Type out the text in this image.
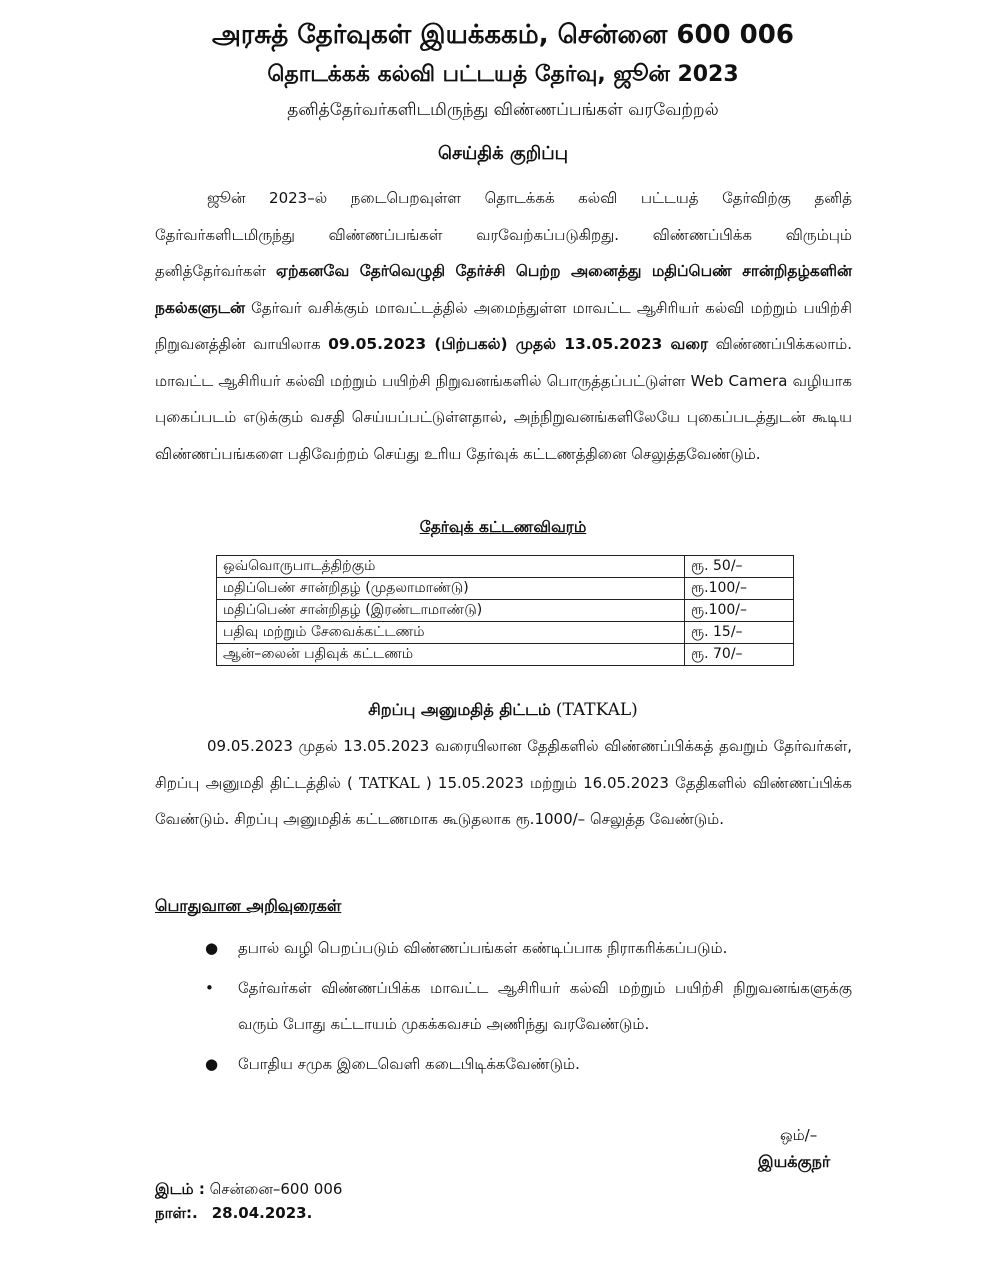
அரசுத் தேர்வுகள் இயக்ககம், சென்னை 600 006
தொடக்கக் கல்வி பட்டயத் தேர்வு, ஜூன் 2023
தனித்தேர்வர்களிடமிருந்து விண்ணப்பங்கள் வரவேற்றல்
செய்திக் குறிப்பு

ஜூன் 2023–ல் நடைபெறவுள்ள தொடக்கக் கல்வி பட்டயத் தேர்விற்கு தனித் தேர்வர்களிடமிருந்து விண்ணப்பங்கள் வரவேற்கப்படுகிறது. விண்ணப்பிக்க விரும்பும் தனித்தேர்வர்கள் ஏற்கனவே தேர்வெழுதி தேர்ச்சி பெற்ற அனைத்து மதிப்பெண் சான்றிதழ்களின் நகல்களுடன் தேர்வர் வசிக்கும் மாவட்டத்தில் அமைந்துள்ள மாவட்ட ஆசிரியர் கல்வி மற்றும் பயிற்சி நிறுவனத்தின் வாயிலாக 09.05.2023 (பிற்பகல்) முதல் 13.05.2023 வரை விண்ணப்பிக்கலாம். மாவட்ட ஆசிரியர் கல்வி மற்றும் பயிற்சி நிறுவனங்களில் பொருத்தப்பட்டுள்ள Web Camera வழியாக புகைப்படம் எடுக்கும் வசதி செய்யப்பட்டுள்ளதால், அந்நிறுவனங்களிலேயே புகைப்படத்துடன் கூடிய விண்ணப்பங்களை பதிவேற்றம் செய்து உரிய தேர்வுக் கட்டணத்தினை செலுத்தவேண்டும்.

தேர்வுக் கட்டணவிவரம்
ஒவ்வொருபாடத்திற்கும்	ரூ. 50/–
மதிப்பெண் சான்றிதழ் (முதலாமாண்டு)	ரூ.100/–
மதிப்பெண் சான்றிதழ் (இரண்டாமாண்டு)	ரூ.100/–
பதிவு மற்றும் சேவைக்கட்டணம்	ரூ. 15/–
ஆன்–லைன் பதிவுக் கட்டணம்	ரூ. 70/–
சிறப்பு அனுமதித் திட்டம் (TATKAL)

09.05.2023 முதல் 13.05.2023 வரையிலான தேதிகளில் விண்ணப்பிக்கத் தவறும் தேர்வர்கள், சிறப்பு அனுமதி திட்டத்தில் ( TATKAL ) 15.05.2023 மற்றும் 16.05.2023 தேதிகளில் விண்ணப்பிக்க வேண்டும். சிறப்பு அனுமதிக் கட்டணமாக கூடுதலாக ரூ.1000/– செலுத்த வேண்டும்.

பொதுவான அறிவுரைகள்
● தபால் வழி பெறப்படும் விண்ணப்பங்கள் கண்டிப்பாக நிராகரிக்கப்படும்.
• தேர்வர்கள் விண்ணப்பிக்க மாவட்ட ஆசிரியர் கல்வி மற்றும் பயிற்சி நிறுவனங்களுக்கு வரும் போது கட்டாயம் முகக்கவசம் அணிந்து வரவேண்டும்.
● போதிய சமுக இடைவெளி கடைபிடிக்கவேண்டும்.
ஒம்/–
இயக்குநர்
இடம் : சென்னை–600 006
நாள்:. 28.04.2023.
